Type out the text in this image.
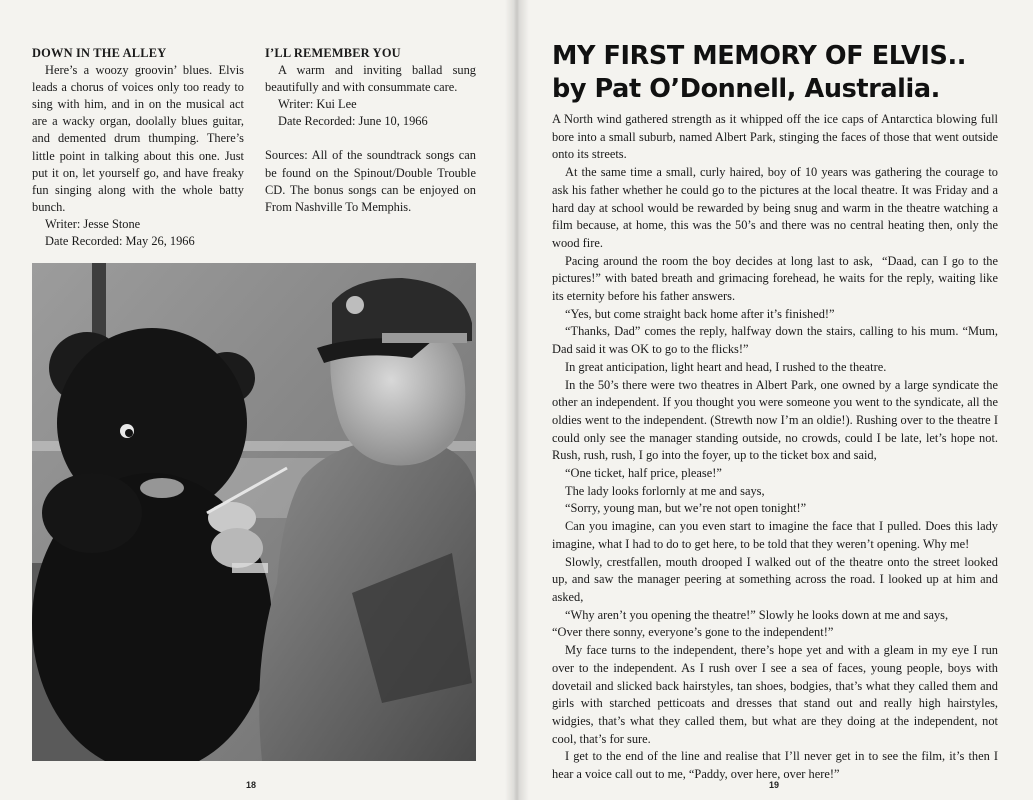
DOWN IN THE ALLEY

Here’s a woozy groovin’ blues. Elvis leads a chorus of voices only too ready to sing with him, and in on the musical act are a wacky organ, doolally blues guitar, and demented drum thumping. There’s little point in talking about this one. Just put it on, let yourself go, and have freaky fun singing along with the whole batty bunch.

Writer: Jesse Stone

Date Recorded: May 26, 1966

I’LL REMEMBER YOU

A warm and inviting ballad sung beautifully and with consummate care.

Writer: Kui Lee

Date Recorded: June 10, 1966

Sources: All of the soundtrack songs can be found on the Spinout/Double Trouble CD. The bonus songs can be enjoyed on From Nashville To Memphis.

MY FIRST MEMORY OF ELVIS..
by Pat O’Donnell, Australia.

A North wind gathered strength as it whipped off the ice caps of Antarctica blowing full bore into a small suburb, named Albert Park, stinging the faces of those that went outside onto its streets.

At the same time a small, curly haired, boy of 10 years was gathering the courage to ask his father whether he could go to the pictures at the local theatre. It was Friday and a hard day at school would be rewarded by being snug and warm in the theatre watching a film because, at home, this was the 50’s and there was no central heating then, only the wood fire.

Pacing around the room the boy decides at long last to ask,  “Daad, can I go to the pictures!” with bated breath and grimacing forehead, he waits for the reply, waiting like its eternity before his father answers.

“Yes, but come straight back home after it’s finished!”

“Thanks, Dad” comes the reply, halfway down the stairs, calling to his mum. “Mum, Dad said it was OK to go to the flicks!”

In great anticipation, light heart and head, I rushed to the theatre.

In the 50’s there were two theatres in Albert Park, one owned by a large syndicate the other an independent. If you thought you were someone you went to the syndicate, all the oldies went to the independent. (Strewth now I’m an oldie!). Rushing over to the theatre I could only see the manager standing outside, no crowds, could I be late, let’s hope not. Rush, rush, rush, I go into the foyer, up to the ticket box and said,

“One ticket, half price, please!”

The lady looks forlornly at me and says,

“Sorry, young man, but we’re not open tonight!”

Can you imagine, can you even start to imagine the face that I pulled. Does this lady imagine, what I had to do to get here, to be told that they weren’t opening. Why me!

Slowly, crestfallen, mouth drooped I walked out of the theatre onto the street looked up, and saw the manager peering at something across the road. I looked up at him and asked,

“Why aren’t you opening the theatre!” Slowly he looks down at me and says,

“Over there sonny, everyone’s gone to the independent!”

My face turns to the independent, there’s hope yet and with a gleam in my eye I run over to the independent. As I rush over I see a sea of faces, young people, boys with dovetail and slicked back hairstyles, tan shoes, bodgies, that’s what they called them and girls with starched petticoats and dresses that stand out and really high hairstyles, widgies, that’s what they called them, but what are they doing at the independent, not cool, that’s for sure.

I get to the end of the line and realise that I’ll never get in to see the film, it’s then I hear a voice call out to me, “Paddy, over here, over here!”

18	19
